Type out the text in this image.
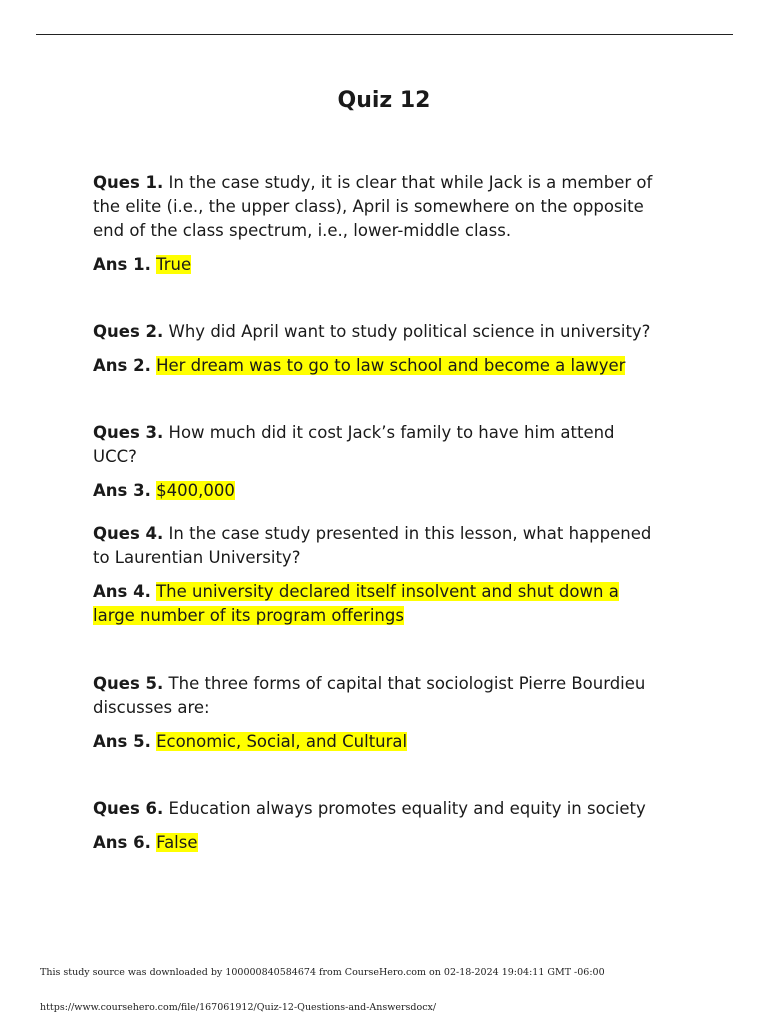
Quiz 12

Ques 1. In the case study, it is clear that while Jack is a member of the elite (i.e., the upper class), April is somewhere on the opposite end of the class spectrum, i.e., lower-middle class.

Ans 1. True

Ques 2. Why did April want to study political science in university?

Ans 2. Her dream was to go to law school and become a lawyer

Ques 3. How much did it cost Jack’s family to have him attend UCC?

Ans 3. $400,000

Ques 4. In the case study presented in this lesson, what happened to Laurentian University?

Ans 4. The university declared itself insolvent and shut down a large number of its program offerings

Ques 5. The three forms of capital that sociologist Pierre Bourdieu discusses are:

Ans 5. Economic, Social, and Cultural

Ques 6. Education always promotes equality and equity in society

Ans 6. False

This study source was downloaded by 100000840584674 from CourseHero.com on 02-18-2024 19:04:11 GMT -06:00
https://www.coursehero.com/file/167061912/Quiz-12-Questions-and-Answersdocx/
